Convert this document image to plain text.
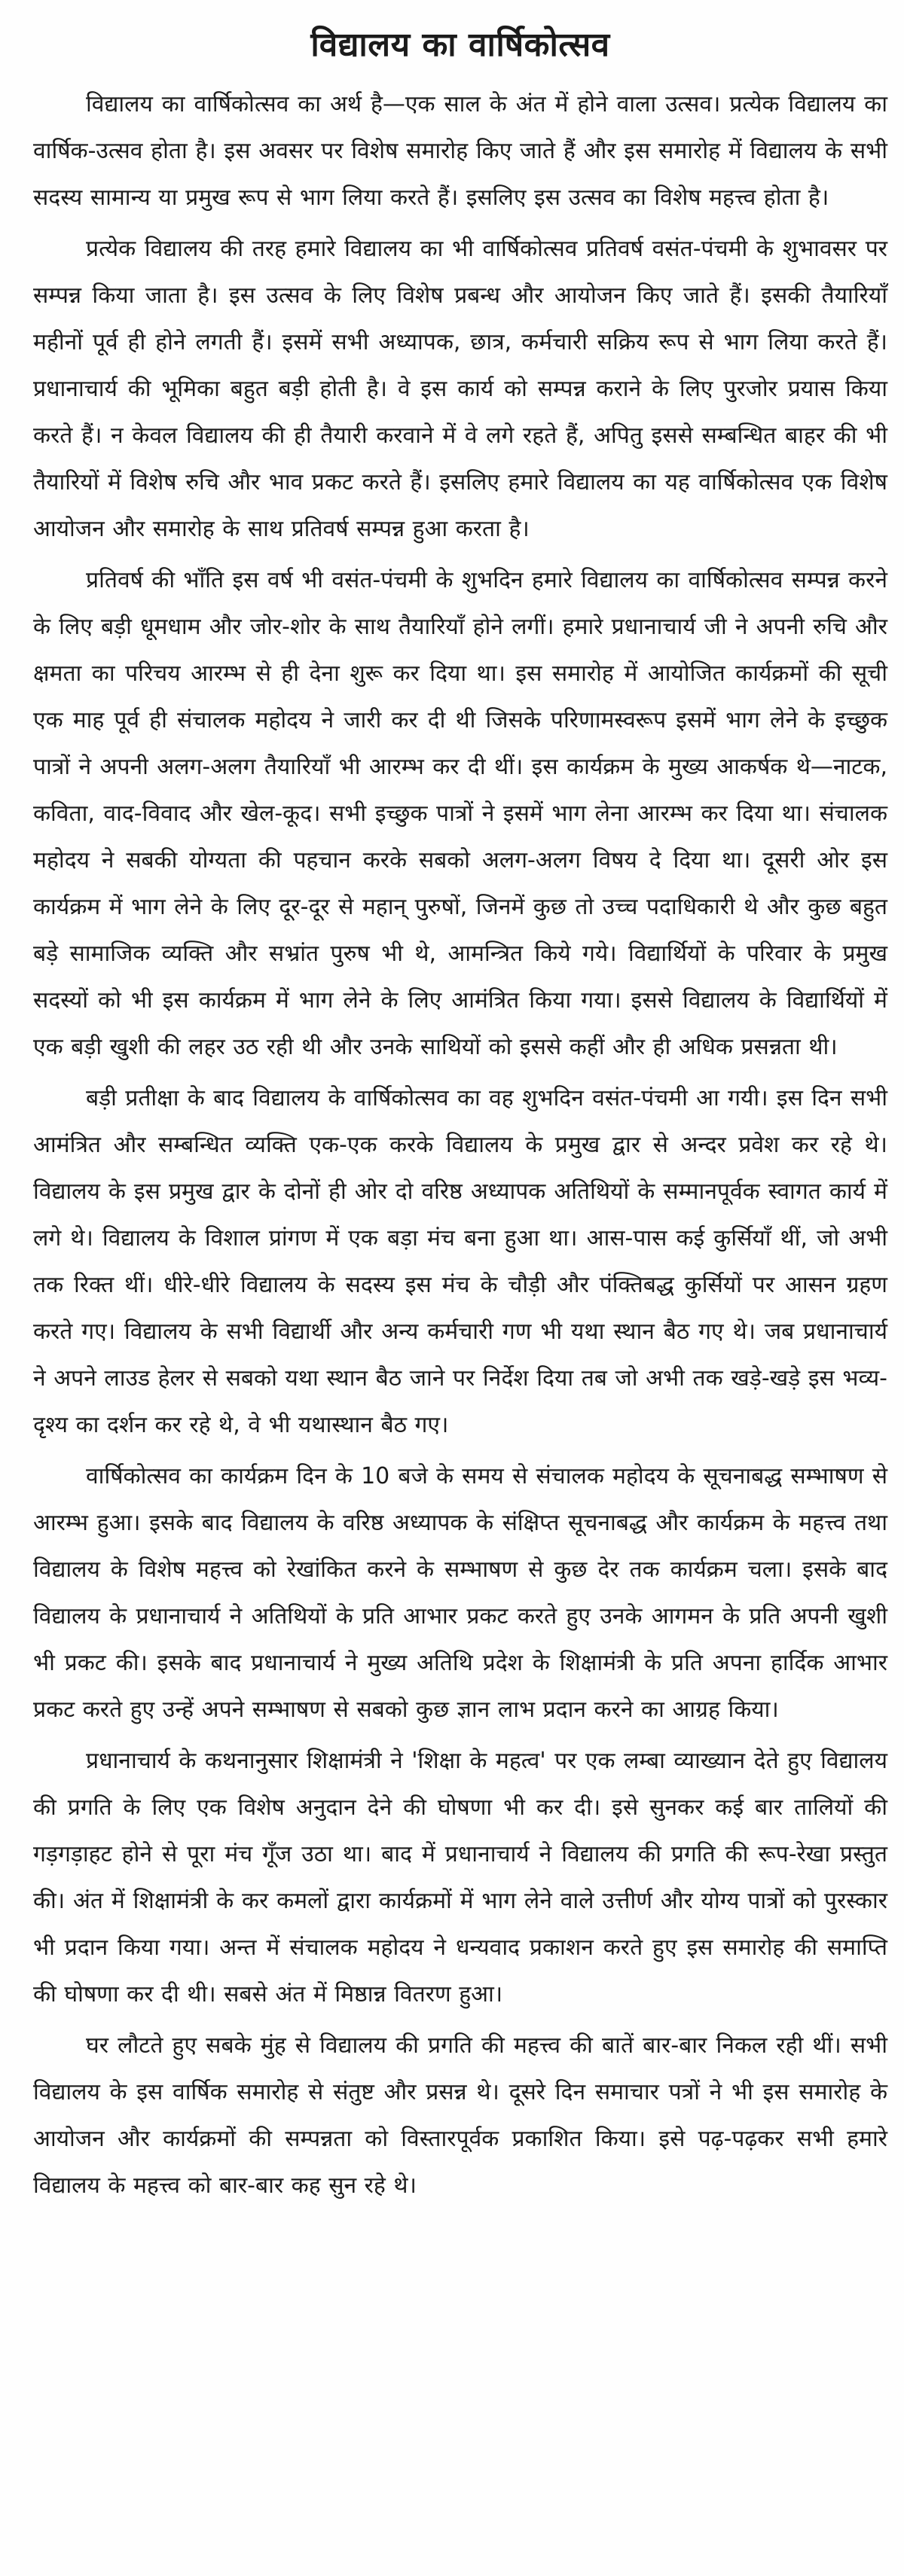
विद्यालय का वार्षिकोत्सव

विद्यालय का वार्षिकोत्सव का अर्थ है—एक साल के अंत में होने वाला उत्सव। प्रत्येक विद्यालय का वार्षिक-उत्सव होता है। इस अवसर पर विशेष समारोह किए जाते हैं और इस समारोह में विद्यालय के सभी सदस्य सामान्य या प्रमुख रूप से भाग लिया करते हैं। इसलिए इस उत्सव का विशेष महत्त्व होता है।

प्रत्येक विद्यालय की तरह हमारे विद्यालय का भी वार्षिकोत्सव प्रतिवर्ष वसंत-पंचमी के शुभावसर पर सम्पन्न किया जाता है। इस उत्सव के लिए विशेष प्रबन्ध और आयोजन किए जाते हैं। इसकी तैयारियाँ महीनों पूर्व ही होने लगती हैं। इसमें सभी अध्यापक, छात्र, कर्मचारी सक्रिय रूप से भाग लिया करते हैं। प्रधानाचार्य की भूमिका बहुत बड़ी होती है। वे इस कार्य को सम्पन्न कराने के लिए पुरजोर प्रयास किया करते हैं। न केवल विद्यालय की ही तैयारी करवाने में वे लगे रहते हैं, अपितु इससे सम्बन्धित बाहर की भी तैयारियों में विशेष रुचि और भाव प्रकट करते हैं। इसलिए हमारे विद्यालय का यह वार्षिकोत्सव एक विशेष आयोजन और समारोह के साथ प्रतिवर्ष सम्पन्न हुआ करता है।

प्रतिवर्ष की भाँति इस वर्ष भी वसंत-पंचमी के शुभदिन हमारे विद्यालय का वार्षिकोत्सव सम्पन्न करने के लिए बड़ी धूमधाम और जोर-शोर के साथ तैयारियाँ होने लगीं। हमारे प्रधानाचार्य जी ने अपनी रुचि और क्षमता का परिचय आरम्भ से ही देना शुरू कर दिया था। इस समारोह में आयोजित कार्यक्रमों की सूची एक माह पूर्व ही संचालक महोदय ने जारी कर दी थी जिसके परिणामस्वरूप इसमें भाग लेने के इच्छुक पात्रों ने अपनी अलग-अलग तैयारियाँ भी आरम्भ कर दी थीं। इस कार्यक्रम के मुख्य आकर्षक थे—नाटक, कविता, वाद-विवाद और खेल-कूद। सभी इच्छुक पात्रों ने इसमें भाग लेना आरम्भ कर दिया था। संचालक महोदय ने सबकी योग्यता की पहचान करके सबको अलग-अलग विषय दे दिया था। दूसरी ओर इस कार्यक्रम में भाग लेने के लिए दूर-दूर से महान् पुरुषों, जिनमें कुछ तो उच्च पदाधिकारी थे और कुछ बहुत बड़े सामाजिक व्यक्ति और सभ्रांत पुरुष भी थे, आमन्त्रित किये गये। विद्यार्थियों के परिवार के प्रमुख सदस्यों को भी इस कार्यक्रम में भाग लेने के लिए आमंत्रित किया गया। इससे विद्यालय के विद्यार्थियों में एक बड़ी खुशी की लहर उठ रही थी और उनके साथियों को इससे कहीं और ही अधिक प्रसन्नता थी।

बड़ी प्रतीक्षा के बाद विद्यालय के वार्षिकोत्सव का वह शुभदिन वसंत-पंचमी आ गयी। इस दिन सभी आमंत्रित और सम्बन्धित व्यक्ति एक-एक करके विद्यालय के प्रमुख द्वार से अन्दर प्रवेश कर रहे थे। विद्यालय के इस प्रमुख द्वार के दोनों ही ओर दो वरिष्ठ अध्यापक अतिथियों के सम्मानपूर्वक स्वागत कार्य में लगे थे। विद्यालय के विशाल प्रांगण में एक बड़ा मंच बना हुआ था। आस-पास कई कुर्सियाँ थीं, जो अभी तक रिक्त थीं। धीरे-धीरे विद्यालय के सदस्य इस मंच के चौड़ी और पंक्तिबद्ध कुर्सियों पर आसन ग्रहण करते गए। विद्यालय के सभी विद्यार्थी और अन्य कर्मचारी गण भी यथा स्थान बैठ गए थे। जब प्रधानाचार्य ने अपने लाउड हेलर से सबको यथा स्थान बैठ जाने पर निर्देश दिया तब जो अभी तक खड़े-खड़े इस भव्य-दृश्य का दर्शन कर रहे थे, वे भी यथास्थान बैठ गए।

वार्षिकोत्सव का कार्यक्रम दिन के 10 बजे के समय से संचालक महोदय के सूचनाबद्ध सम्भाषण से आरम्भ हुआ। इसके बाद विद्यालय के वरिष्ठ अध्यापक के संक्षिप्त सूचनाबद्ध और कार्यक्रम के महत्त्व तथा विद्यालय के विशेष महत्त्व को रेखांकित करने के सम्भाषण से कुछ देर तक कार्यक्रम चला। इसके बाद विद्यालय के प्रधानाचार्य ने अतिथियों के प्रति आभार प्रकट करते हुए उनके आगमन के प्रति अपनी खुशी भी प्रकट की। इसके बाद प्रधानाचार्य ने मुख्य अतिथि प्रदेश के शिक्षामंत्री के प्रति अपना हार्दिक आभार प्रकट करते हुए उन्हें अपने सम्भाषण से सबको कुछ ज्ञान लाभ प्रदान करने का आग्रह किया।

प्रधानाचार्य के कथनानुसार शिक्षामंत्री ने 'शिक्षा के महत्व' पर एक लम्बा व्याख्यान देते हुए विद्यालय की प्रगति के लिए एक विशेष अनुदान देने की घोषणा भी कर दी। इसे सुनकर कई बार तालियों की गड़गड़ाहट होने से पूरा मंच गूँज उठा था। बाद में प्रधानाचार्य ने विद्यालय की प्रगति की रूप-रेखा प्रस्तुत की। अंत में शिक्षामंत्री के कर कमलों द्वारा कार्यक्रमों में भाग लेने वाले उत्तीर्ण और योग्य पात्रों को पुरस्कार भी प्रदान किया गया। अन्त में संचालक महोदय ने धन्यवाद प्रकाशन करते हुए इस समारोह की समाप्ति की घोषणा कर दी थी। सबसे अंत में मिष्ठान्न वितरण हुआ।

घर लौटते हुए सबके मुंह से विद्यालय की प्रगति की महत्त्व की बातें बार-बार निकल रही थीं। सभी विद्यालय के इस वार्षिक समारोह से संतुष्ट और प्रसन्न थे। दूसरे दिन समाचार पत्रों ने भी इस समारोह के आयोजन और कार्यक्रमों की सम्पन्नता को विस्तारपूर्वक प्रकाशित किया। इसे पढ़-पढ़कर सभी हमारे विद्यालय के महत्त्व को बार-बार कह सुन रहे थे।
